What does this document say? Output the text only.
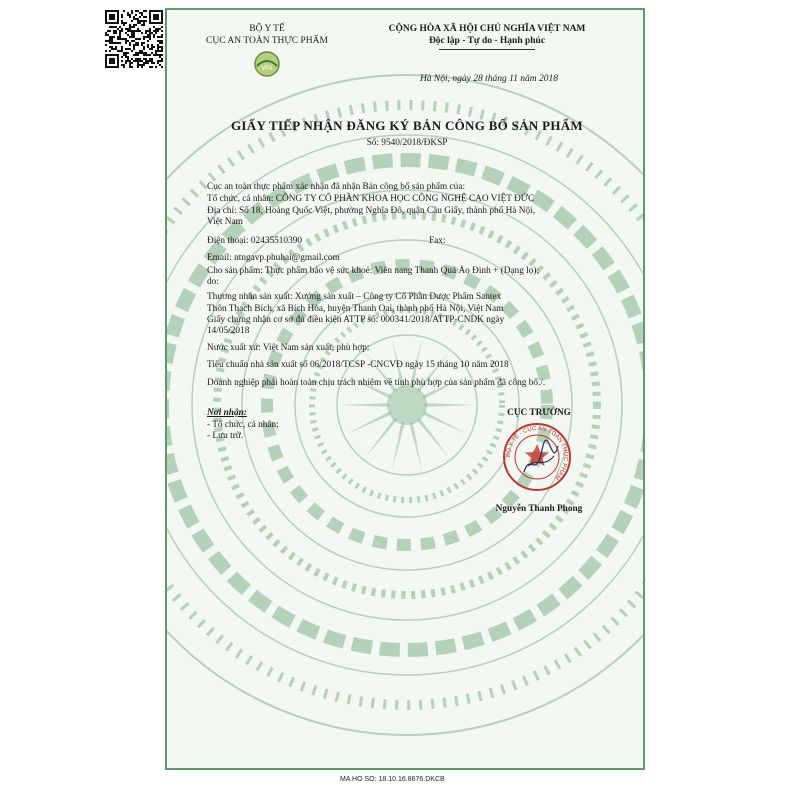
BỘ Y TẾ
CỤC AN TOÀN THỰC PHẨM
VFA
CỘNG HÒA XÃ HỘI CHỦ NGHĨA VIỆT NAM
Độc lập - Tự do - Hạnh phúc
Hà Nội, ngày 28 tháng 11 năm 2018
GIẤY TIẾP NHẬN ĐĂNG KÝ BẢN CÔNG BỐ SẢN PHẨM
Số: 9540/2018/ĐKSP
Cục an toàn thực phẩm xác nhận đã nhận Bản công bố sản phẩm của:
Tổ chức, cá nhân: CÔNG TY CỔ PHẦN KHOA HỌC CÔNG NGHỆ CAO VIỆT ĐỨC
Địa chỉ: Số 18, Hoàng Quốc Việt, phường Nghĩa Đô, quận Cầu Giấy, thành phố Hà Nội,
Việt Nam
Điện thoại: 02435510390	Fax:
Email: ntngavp.phuhai@gmail.com
Cho sản phẩm: Thực phẩm bảo vệ sức khoẻ: Viên nang Thanh Quả Ảo Đình + (Dạng lọ);
do:
Thương nhân sản xuất: Xưởng sản xuất – Công ty Cổ Phần Dược Phẩm Santex
Thôn Thạch Bích, xã Bích Hòa, huyện Thanh Oai, thành phố Hà Nội, Việt Nam
Giấy chứng nhận cơ sở đủ điều kiện ATTP số: 000341/2018/ATTP-CNDK ngày
14/05/2018
Nước xuất xứ: Việt Nam sản xuất, phù hợp:
Tiêu chuẩn nhà sản xuất số 06/2018/TCSP -CNCVĐ ngày 15 tháng 10 năm 2018
Doanh nghiệp phải hoàn toàn chịu trách nhiệm về tính phù hợp của sản phẩm đã công bố./.
Nơi nhận:
- Tổ chức, cá nhân;
- Lưu trữ.
CỤC TRƯỞNG
BỘ Y TẾ · CỤC AN TOÀN THỰC PHẨM
Nguyễn Thanh Phong
MA HO SO: 18.10.16.8676.DKCB
